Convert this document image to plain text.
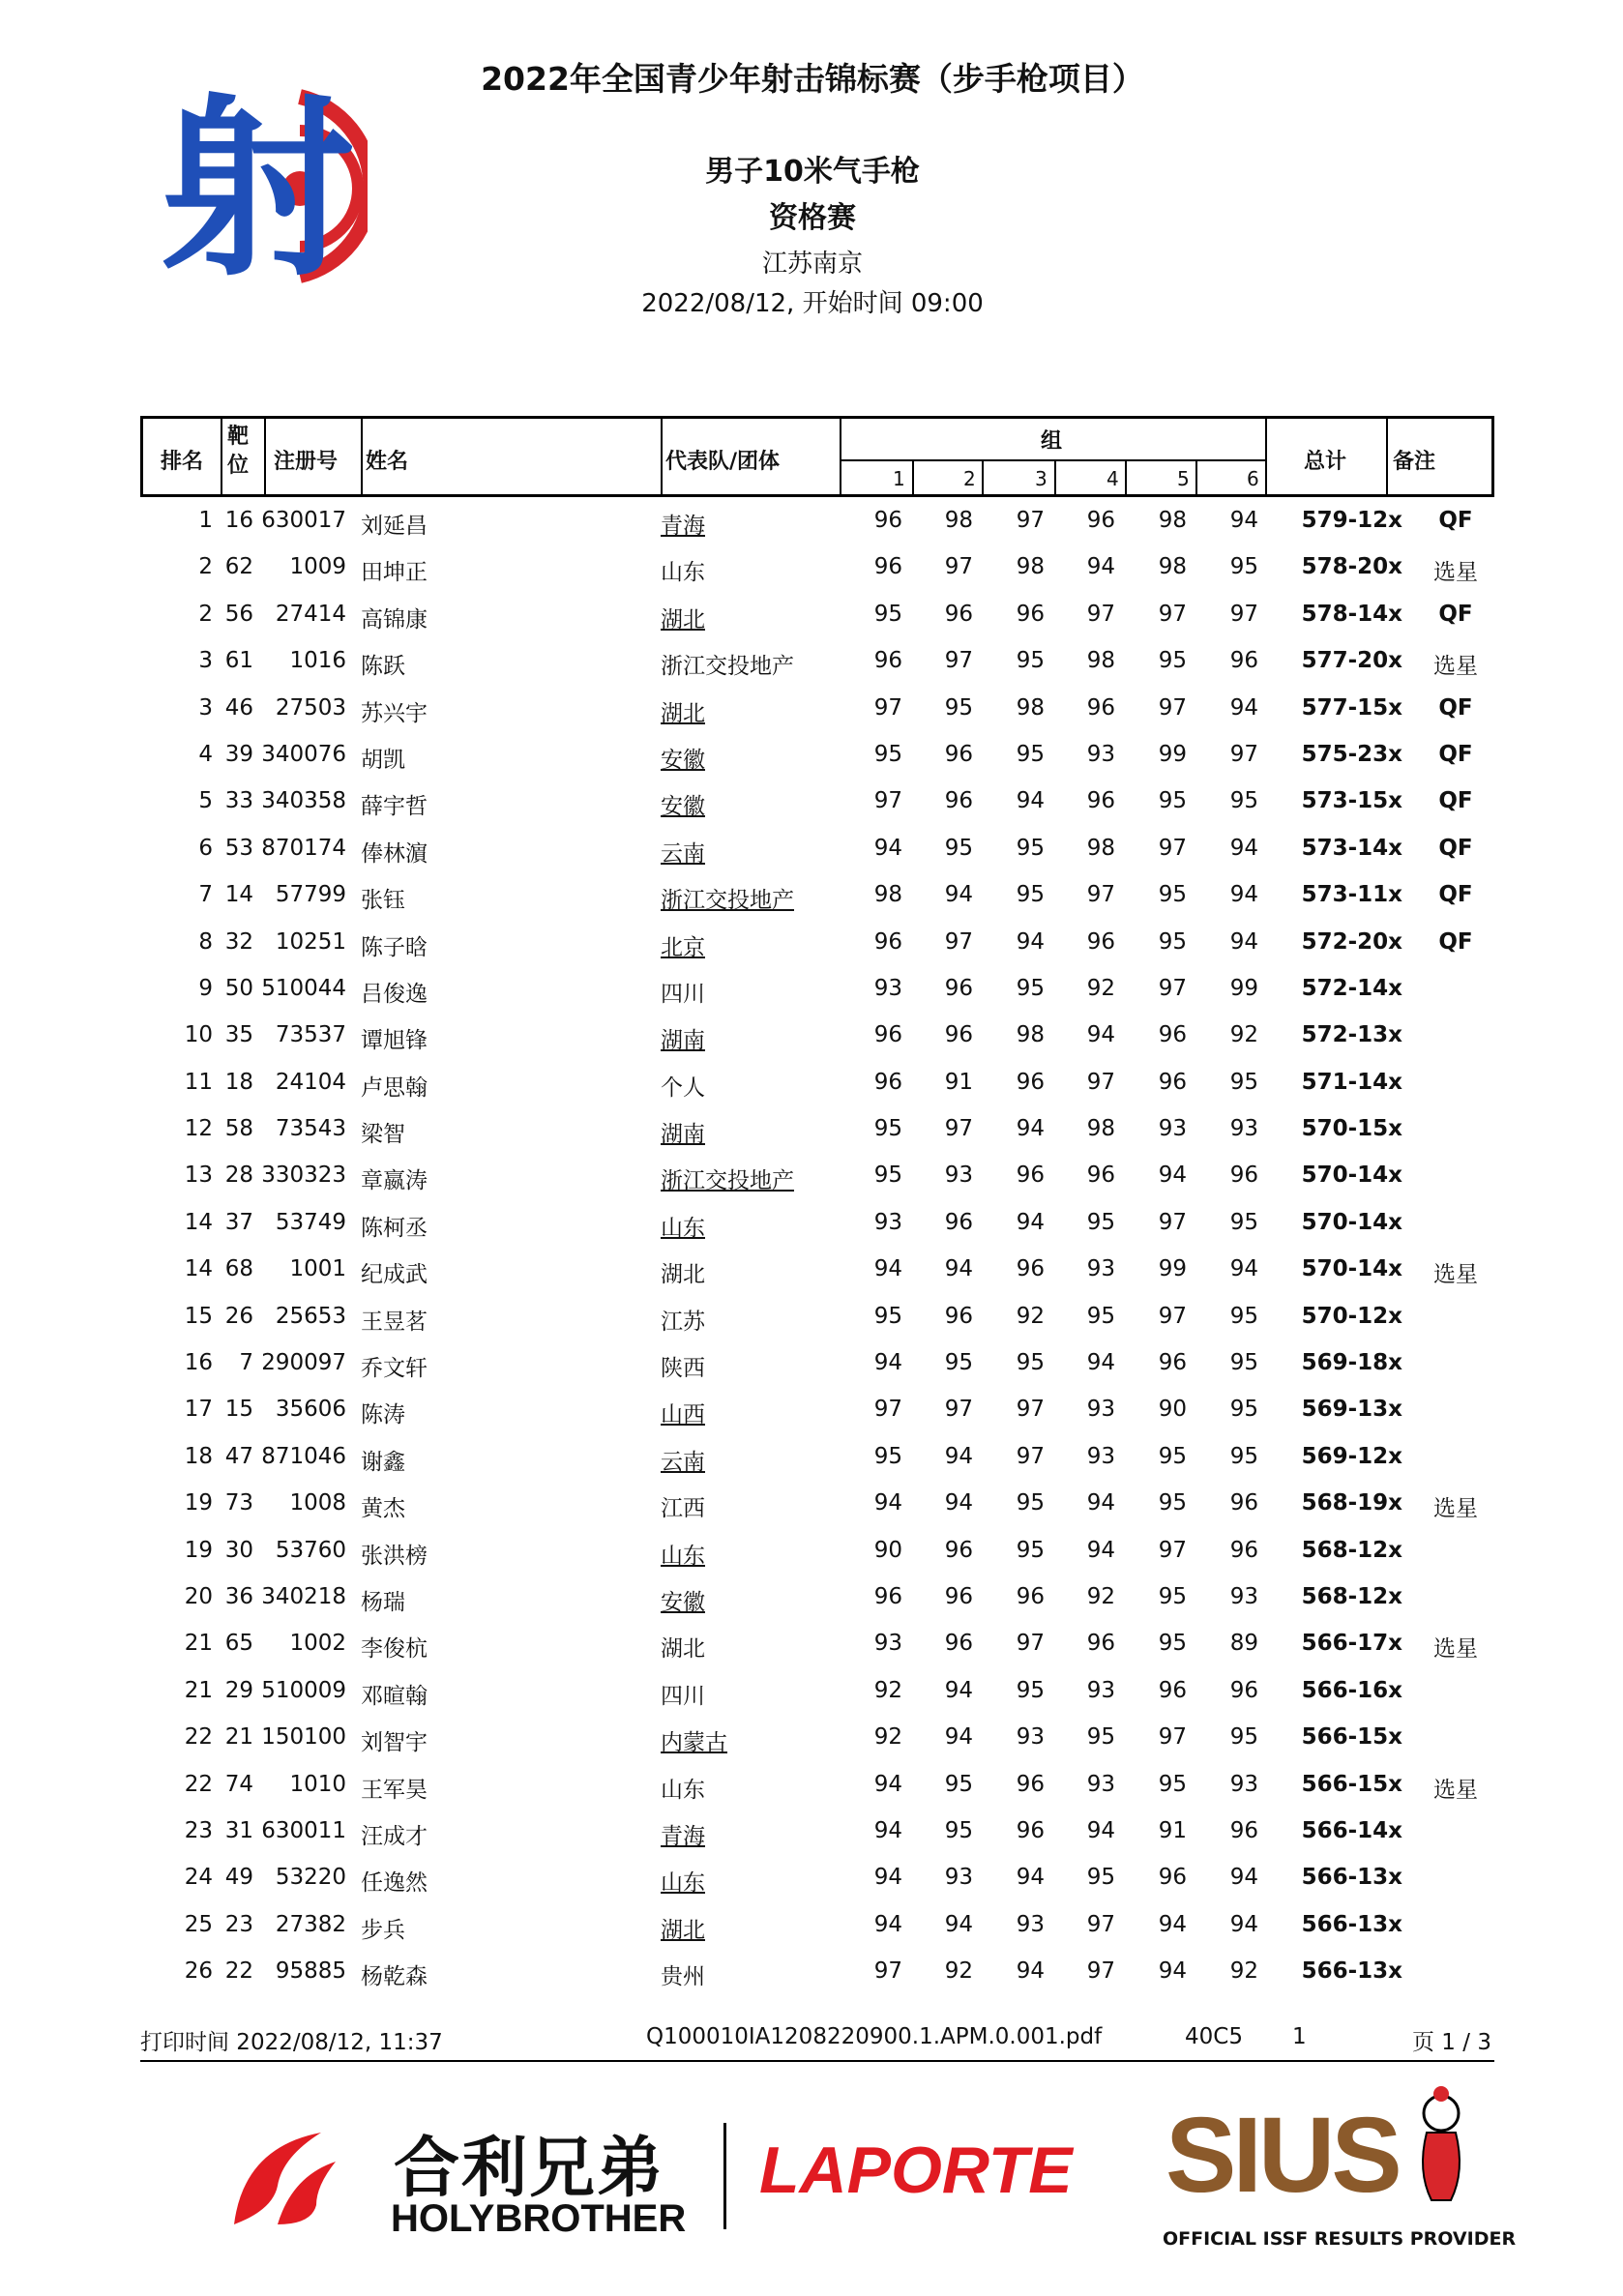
射	2022年全国青少年射击锦标赛（步手枪项目）
男子10米气手枪
资格赛
江苏南京
2022/08/12, 开始时间 09:00
排名
靶位	注册号 姓名	代表队/团体
组
1	2	3	4	5	6
总计 备注
1 16 630017 刘延昌	青海	96 98 97 96 98 94	579-12x	QF
2 62	1009 田坤正	山东	96 97 98 94 98 95	578-20x	选星
2 56 27414 高锦康	湖北	95 96 96 97 97 97	578-14x	QF
3 61	1016 陈跃	浙江交投地产	96 97 95 98 95 96	577-20x	选星
3 46 27503 苏兴宇	湖北	97 95 98 96 97 94	577-15x	QF
4 39 340076 胡凯	安徽	95 96 95 93 99 97	575-23x	QF
5 33 340358 薛宇哲	安徽	97 96 94 96 95 95	573-15x	QF
6 53 870174 俸林濵	云南	94 95 95 98 97 94	573-14x	QF
7 14 57799 张钰	浙江交投地产	98 94 95 97 95 94	573-11x	QF
8 32 10251 陈子晗	北京	96 97 94 96 95 94	572-20x	QF
9 50 510044 吕俊逸	四川	93 96 95 92 97 99	572-14x
10 35 73537 谭旭锋	湖南	96 96 98 94 96 92	572-13x
11 18 24104 卢思翰	个人	96 91 96 97 96 95	571-14x
12 58 73543 梁智	湖南	95 97 94 98 93 93	570-15x
13 28 330323 章嬴涛	浙江交投地产	95 93 96 96 94 96	570-14x
14 37 53749 陈柯丞	山东	93 96 94 95 97 95	570-14x
14 68	1001 纪成武	湖北	94 94 96 93 99 94	570-14x	选星
15 26 25653 王昱茗	江苏	95 96 92 95 97 95	570-12x
16	7 290097 乔文轩	陕西	94 95 95 94 96 95	569-18x
17 15 35606 陈涛	山西	97 97 97 93 90 95	569-13x
18 47 871046 谢鑫	云南	95 94 97 93 95 95	569-12x
19 73	1008 黄杰	江西	94 94 95 94 95 96	568-19x	选星
19 30 53760 张洪榜	山东	90 96 95 94 97 96	568-12x
20 36 340218 杨瑞	安徽	96 96 96 92 95 93	568-12x
21 65	1002 李俊杭	湖北	93 96 97 96 95 89	566-17x	选星
21 29 510009 邓暄翰	四川	92 94 95 93 96 96	566-16x
22 21 150100 刘智宇	内蒙古	92 94 93 95 97 95	566-15x
22 74	1010 王军昊	山东	94 95 96 93 95 93	566-15x	选星
23 31 630011 汪成才	青海	94 95 96 94 91 96	566-14x
24 49 53220 任逸然	山东	94 93 94 95 96 94	566-13x
25 23 27382 步兵	湖北	94 94 93 97 94 94	566-13x
26 22 95885 杨乾森	贵州	97 92 94 97 94 92	566-13x
打印时间 2022/08/12, 11:37	Q100010IA1208220900.1.APM.0.001.pdf	40C5 1	页 1 / 3
合利兄弟
HOLYBROTHER
LAPORTE SIUS
OFFICIAL ISSF RESULTS PROVIDER
